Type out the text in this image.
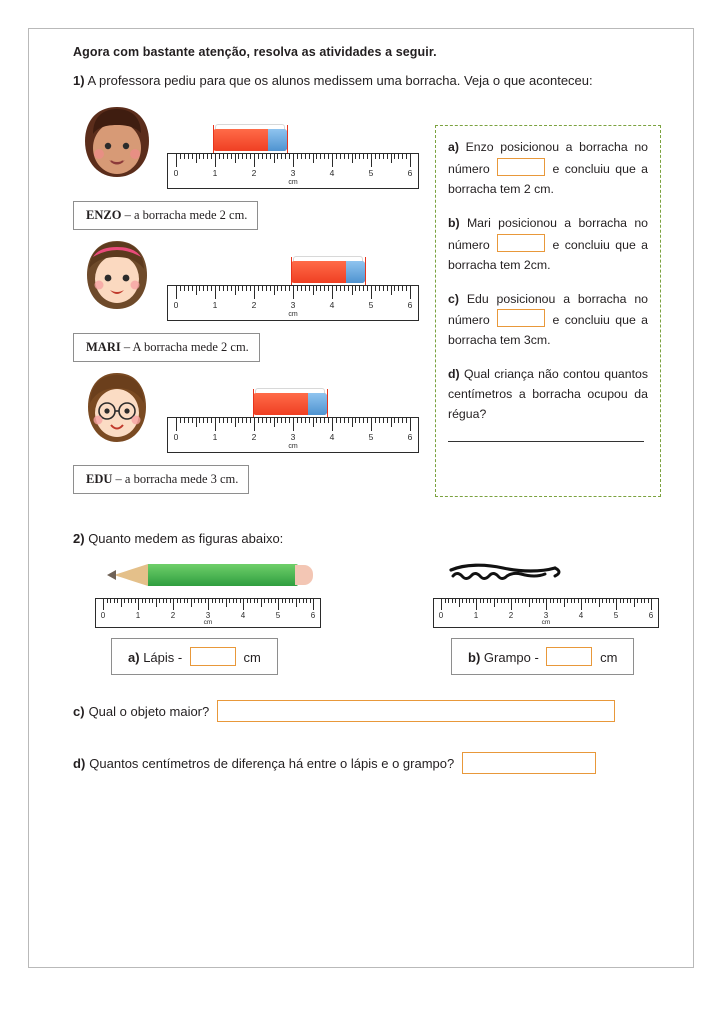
Agora com bastante atenção, resolva as atividades a seguir.

1) A professora pediu para que os alunos medissem uma borracha. Veja o que aconteceu:

cm
0	1	2	3	4	5	6
ENZO – a borracha mede 2 cm.
cm
0	1	2	3	4	5	6
MARI – A borracha mede 2 cm.
cm
0	1	2	3	4	5	6
EDU – a borracha mede 3 cm.

a) Enzo posicionou a borracha no número	e concluiu que a borracha tem 2 cm.

b) Mari posicionou a borracha no número	e concluiu que a borracha tem 2cm.

c) Edu posicionou a borracha no número	e concluiu que a borracha tem 3cm.

d) Qual criança não contou quantos centímetros a borracha ocupou da régua?

2) Quanto medem as figuras abaixo:

cm
0	1	2	3	4	5	6
cm
0	1	2	3	4	5	6
a) Lápis -	cm	b) Grampo -	cm
c) Qual o objeto maior?
d) Quantos centímetros de diferença há entre o lápis e o grampo?
